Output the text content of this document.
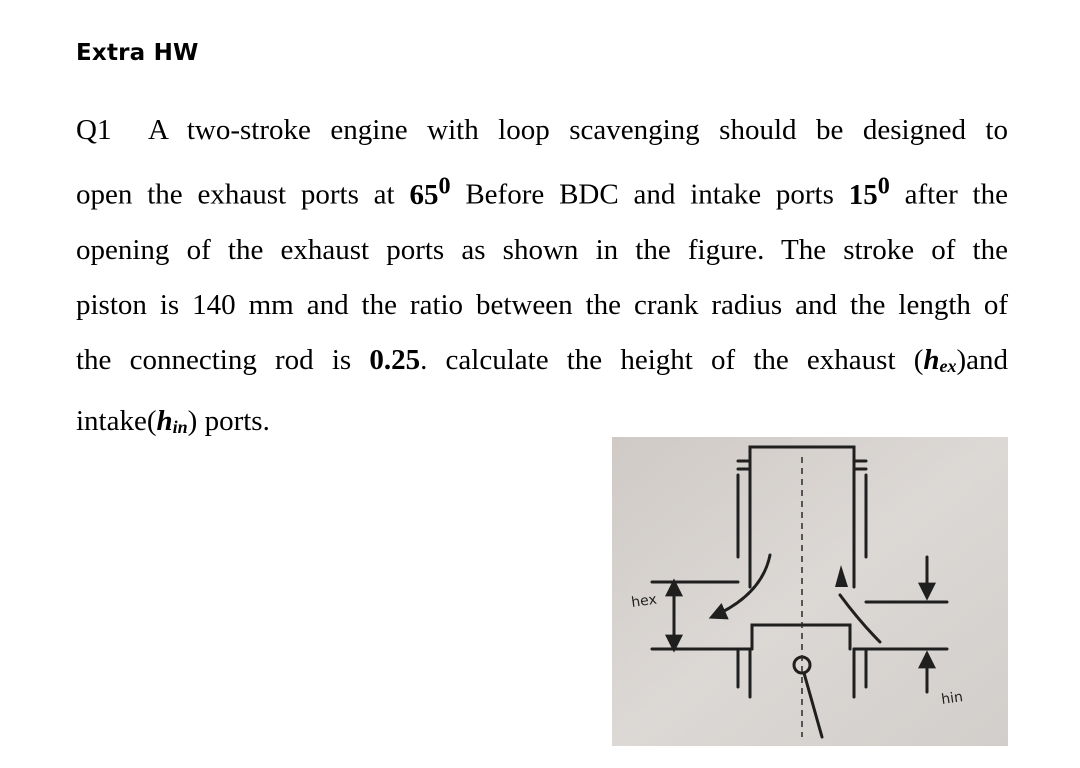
Extra HW
Q1 A two-stroke engine with loop scavenging should be designed to
open the exhaust ports at $65^0$ Before BDC and intake ports $15^0$ after the
opening of the exhaust ports as shown in the figure. The stroke of the
piston is 140 mm and the ratio between the crank radius and the length of
the connecting rod is 0.25. calculate the height of the exhaust $(h_{ex})and$
$intake(h_{in})$ ports.
hex
hin
